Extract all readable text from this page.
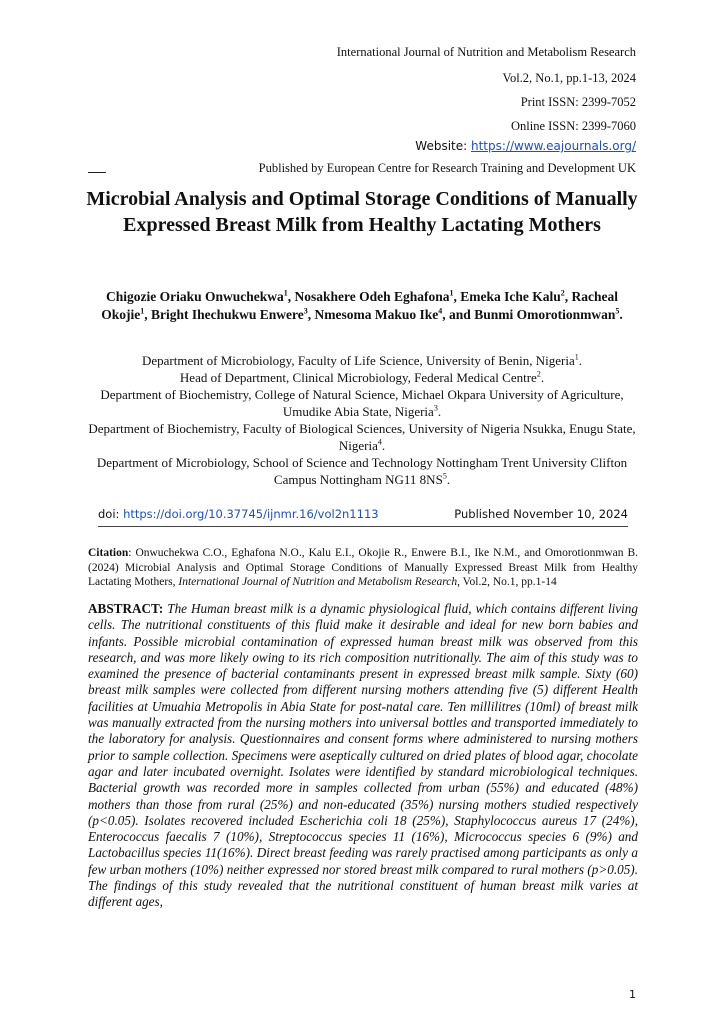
International Journal of Nutrition and Metabolism Research
Vol.2, No.1, pp.1-13, 2024
Print ISSN: 2399-7052
Online ISSN: 2399-7060
Website: https://www.eajournals.org/
Published by European Centre for Research Training and Development UK
Microbial Analysis and Optimal Storage Conditions of Manually Expressed Breast Milk from Healthy Lactating Mothers
Chigozie Oriaku Onwuchekwa$^1$, Nosakhere Odeh Eghafona$^1$, Emeka Iche Kalu$^2$, Racheal Okojie$^1$, Bright Ihechukwu Enwere$^3$, Nmesoma Makuo Ike$^4$, and Bunmi Omorotionmwan$^5$.
Department of Microbiology, Faculty of Life Science, University of Benin, Nigeria$^1$.
Head of Department, Clinical Microbiology, Federal Medical Centre$^2$.
Department of Biochemistry, College of Natural Science, Michael Okpara University of Agriculture, Umudike Abia State, Nigeria$^3$.
Department of Biochemistry, Faculty of Biological Sciences, University of Nigeria Nsukka, Enugu State, Nigeria$^4$.
Department of Microbiology, School of Science and Technology Nottingham Trent University Clifton Campus Nottingham NG11 $8NS^5$.
doi: https://doi.org/10.37745/ijnmr.16/vol2n1113	Published November 10, 2024
Citation: Onwuchekwa C.O., Eghafona N.O., Kalu E.I., Okojie R., Enwere B.I., Ike N.M., and Omorotionmwan B. (2024) Microbial Analysis and Optimal Storage Conditions of Manually Expressed Breast Milk from Healthy Lactating Mothers, International Journal of Nutrition and Metabolism Research, Vol.2, No.1, pp.1-14
ABSTRACT: The Human breast milk is a dynamic physiological fluid, which contains different living cells. The nutritional constituents of this fluid make it desirable and ideal for new born babies and infants. Possible microbial contamination of expressed human breast milk was observed from this research, and was more likely owing to its rich composition nutritionally. The aim of this study was to examined the presence of bacterial contaminants present in expressed breast milk sample. Sixty (60) breast milk samples were collected from different nursing mothers attending five (5) different Health facilities at Umuahia Metropolis in Abia State for post-natal care. Ten millilitres (10ml) of breast milk was manually extracted from the nursing mothers into universal bottles and transported immediately to the laboratory for analysis. Questionnaires and consent forms where administered to nursing mothers prior to sample collection. Specimens were aseptically cultured on dried plates of blood agar, chocolate agar and later incubated overnight. Isolates were identified by standard microbiological techniques. Bacterial growth was recorded more in samples collected from urban (55%) and educated (48%) mothers than those from rural (25%) and non-educated (35%) nursing mothers studied respectively (p<0.05). Isolates recovered included Escherichia coli 18 (25%), Staphylococcus aureus 17 (24%), Enterococcus faecalis 7 (10%), Streptococcus species 11 (16%), Micrococcus species 6 (9%) and Lactobacillus species 11(16%). Direct breast feeding was rarely practised among participants as only a few urban mothers (10%) neither expressed nor stored breast milk compared to rural mothers (p>0.05). The findings of this study revealed that the nutritional constituent of human breast milk varies at different ages,
1
